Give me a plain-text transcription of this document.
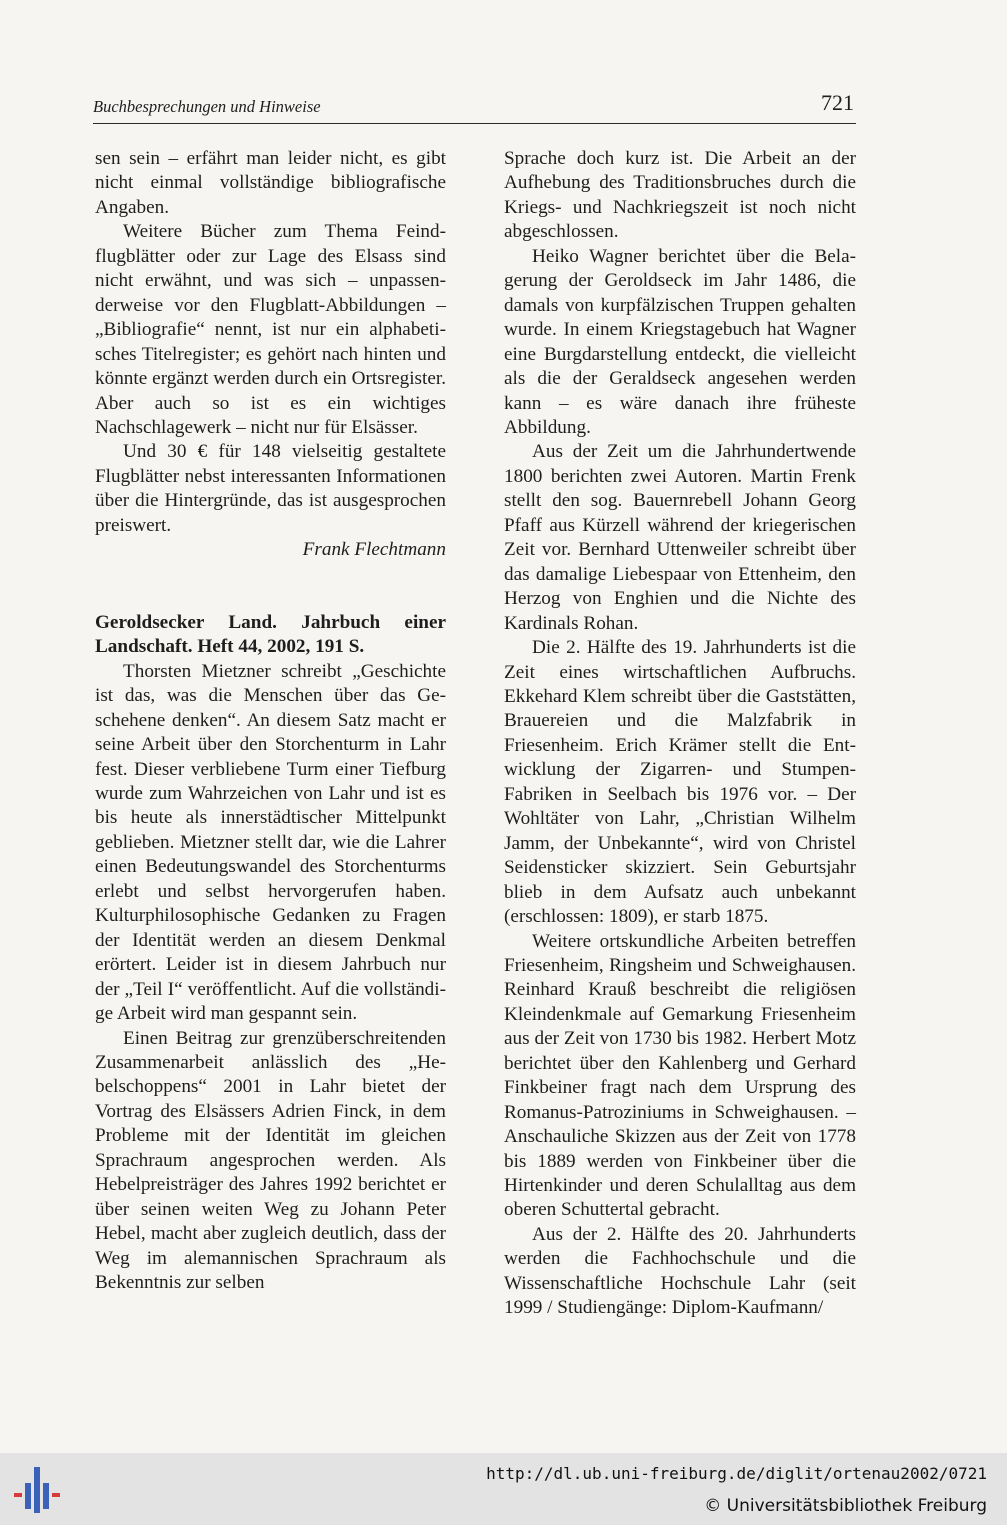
Buchbesprechungen und Hinweise	721

sen sein – erfährt man leider nicht, es gibt nicht einmal vollständige bibliografische Angaben.

Weitere Bücher zum Thema Feindflugblätter oder zur Lage des Elsass sind nicht erwähnt, und was sich – unpassenderweise vor den Flugblatt-Abbildungen – „Bibliografie“ nennt, ist nur ein alphabetisches Titelregister; es gehört nach hinten und könnte ergänzt werden durch ein Ortsregister. Aber auch so ist es ein wichtiges Nachschlagewerk – nicht nur für Elsässer.

Und 30 € für 148 vielseitig gestaltete Flugblätter nebst interessanten Informationen über die Hintergründe, das ist ausgesprochen preiswert.

Frank Flechtmann

Geroldsecker Land. Jahrbuch einer Landschaft. Heft 44, 2002, 191 S.

Thorsten Mietzner schreibt „Geschichte ist das, was die Menschen über das Geschehene denken“. An diesem Satz macht er seine Arbeit über den Storchenturm in Lahr fest. Dieser verbliebene Turm einer Tiefburg wurde zum Wahrzeichen von Lahr und ist es bis heute als innerstädtischer Mittelpunkt geblieben. Mietzner stellt dar, wie die Lahrer einen Bedeutungswandel des Storchenturms erlebt und selbst hervorgerufen haben. Kulturphilosophische Gedanken zu Fragen der Identität werden an diesem Denkmal erörtert. Leider ist in diesem Jahrbuch nur der „Teil I“ veröffentlicht. Auf die vollständige Arbeit wird man gespannt sein.

Einen Beitrag zur grenzüberschreitenden Zusammenarbeit anlässlich des „Hebelschoppens“ 2001 in Lahr bietet der Vortrag des Elsässers Adrien Finck, in dem Probleme mit der Identität im gleichen Sprachraum angesprochen werden. Als Hebelpreisträger des Jahres 1992 berichtet er über seinen weiten Weg zu Johann Peter Hebel, macht aber zugleich deutlich, dass der Weg im alemannischen Sprachraum als Bekenntnis zur selben

Sprache doch kurz ist. Die Arbeit an der Aufhebung des Traditionsbruches durch die Kriegs- und Nachkriegszeit ist noch nicht abgeschlossen.

Heiko Wagner berichtet über die Belagerung der Geroldseck im Jahr 1486, die damals von kurpfälzischen Truppen gehalten wurde. In einem Kriegstagebuch hat Wagner eine Burgdarstellung entdeckt, die vielleicht als die der Geraldseck angesehen werden kann – es wäre danach ihre früheste Abbildung.

Aus der Zeit um die Jahrhundertwende 1800 berichten zwei Autoren. Martin Frenk stellt den sog. Bauernrebell Johann Georg Pfaff aus Kürzell während der kriegerischen Zeit vor. Bernhard Uttenweiler schreibt über das damalige Liebespaar von Ettenheim, den Herzog von Enghien und die Nichte des Kardinals Rohan.

Die 2. Hälfte des 19. Jahrhunderts ist die Zeit eines wirtschaftlichen Aufbruchs. Ekkehard Klem schreibt über die Gaststätten, Brauereien und die Malzfabrik in Friesenheim. Erich Krämer stellt die Entwicklung der Zigarren- und Stumpen-Fabriken in Seelbach bis 1976 vor. – Der Wohltäter von Lahr, „Christian Wilhelm Jamm, der Unbekannte“, wird von Christel Seidensticker skizziert. Sein Geburtsjahr blieb in dem Aufsatz auch unbekannt (erschlossen: 1809), er starb 1875.

Weitere ortskundliche Arbeiten betreffen Friesenheim, Ringsheim und Schweighausen. Reinhard Krauß beschreibt die religiösen Kleindenkmale auf Gemarkung Friesenheim aus der Zeit von 1730 bis 1982. Herbert Motz berichtet über den Kahlenberg und Gerhard Finkbeiner fragt nach dem Ursprung des Romanus-Patroziniums in Schweighausen. – Anschauliche Skizzen aus der Zeit von 1778 bis 1889 werden von Finkbeiner über die Hirtenkinder und deren Schulalltag aus dem oberen Schuttertal gebracht.

Aus der 2. Hälfte des 20. Jahrhunderts werden die Fachhochschule und die Wissenschaftliche Hochschule Lahr (seit 1999 / Studiengänge: Diplom-Kaufmann/

http://dl.ub.uni-freiburg.de/diglit/ortenau2002/0721
© Universitätsbibliothek Freiburg
